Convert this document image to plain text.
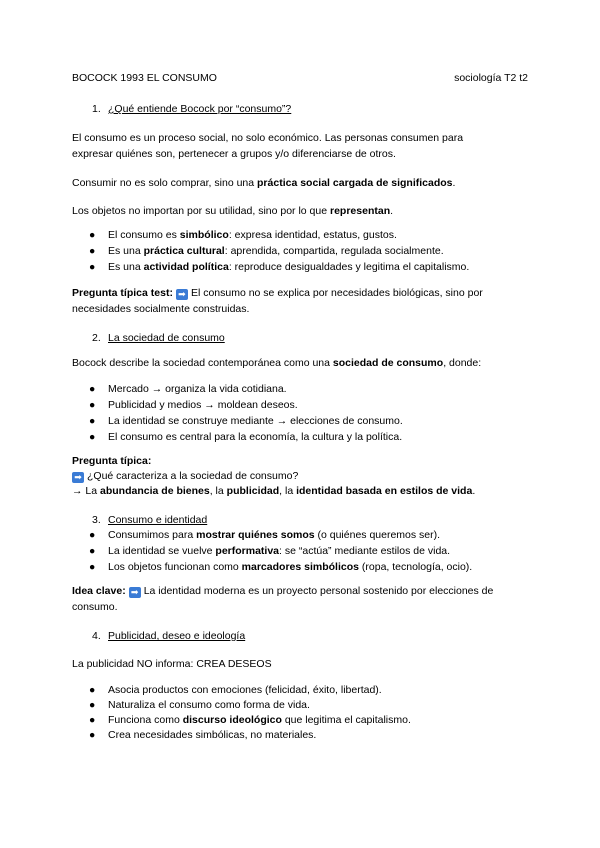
BOCOCK 1993 EL CONSUMO	sociología T2 t2
1. ¿Qué entiende Bocock por “consumo”?
El consumo es un proceso social, no solo económico. Las personas consumen para
expresar quiénes son, pertenecer a grupos y/o diferenciarse de otros.
Consumir no es solo comprar, sino una práctica social cargada de significados.
Los objetos no importan por su utilidad, sino por lo que representan.
● El consumo es simbólico: expresa identidad, estatus, gustos.
● Es una práctica cultural: aprendida, compartida, regulada socialmente.
● Es una actividad política: reproduce desigualdades y legitima el capitalismo.
Pregunta típica test: ➡ El consumo no se explica por necesidades biológicas, sino por
necesidades socialmente construidas.
2. La sociedad de consumo
Bocock describe la sociedad contemporánea como una sociedad de consumo, donde:
● Mercado → organiza la vida cotidiana.
● Publicidad y medios → moldean deseos.
● La identidad se construye mediante → elecciones de consumo.
● El consumo es central para la economía, la cultura y la política.
Pregunta típica:
➡ ¿Qué caracteriza a la sociedad de consumo?
→ La abundancia de bienes, la publicidad, la identidad basada en estilos de vida.
3. Consumo e identidad
● Consumimos para mostrar quiénes somos (o quiénes queremos ser).
● La identidad se vuelve performativa: se “actúa” mediante estilos de vida.
● Los objetos funcionan como marcadores simbólicos (ropa, tecnología, ocio).
Idea clave: ➡ La identidad moderna es un proyecto personal sostenido por elecciones de
consumo.
4. Publicidad, deseo e ideología
La publicidad NO informa: CREA DESEOS
● Asocia productos con emociones (felicidad, éxito, libertad).
● Naturaliza el consumo como forma de vida.
● Funciona como discurso ideológico que legitima el capitalismo.
● Crea necesidades simbólicas, no materiales.
